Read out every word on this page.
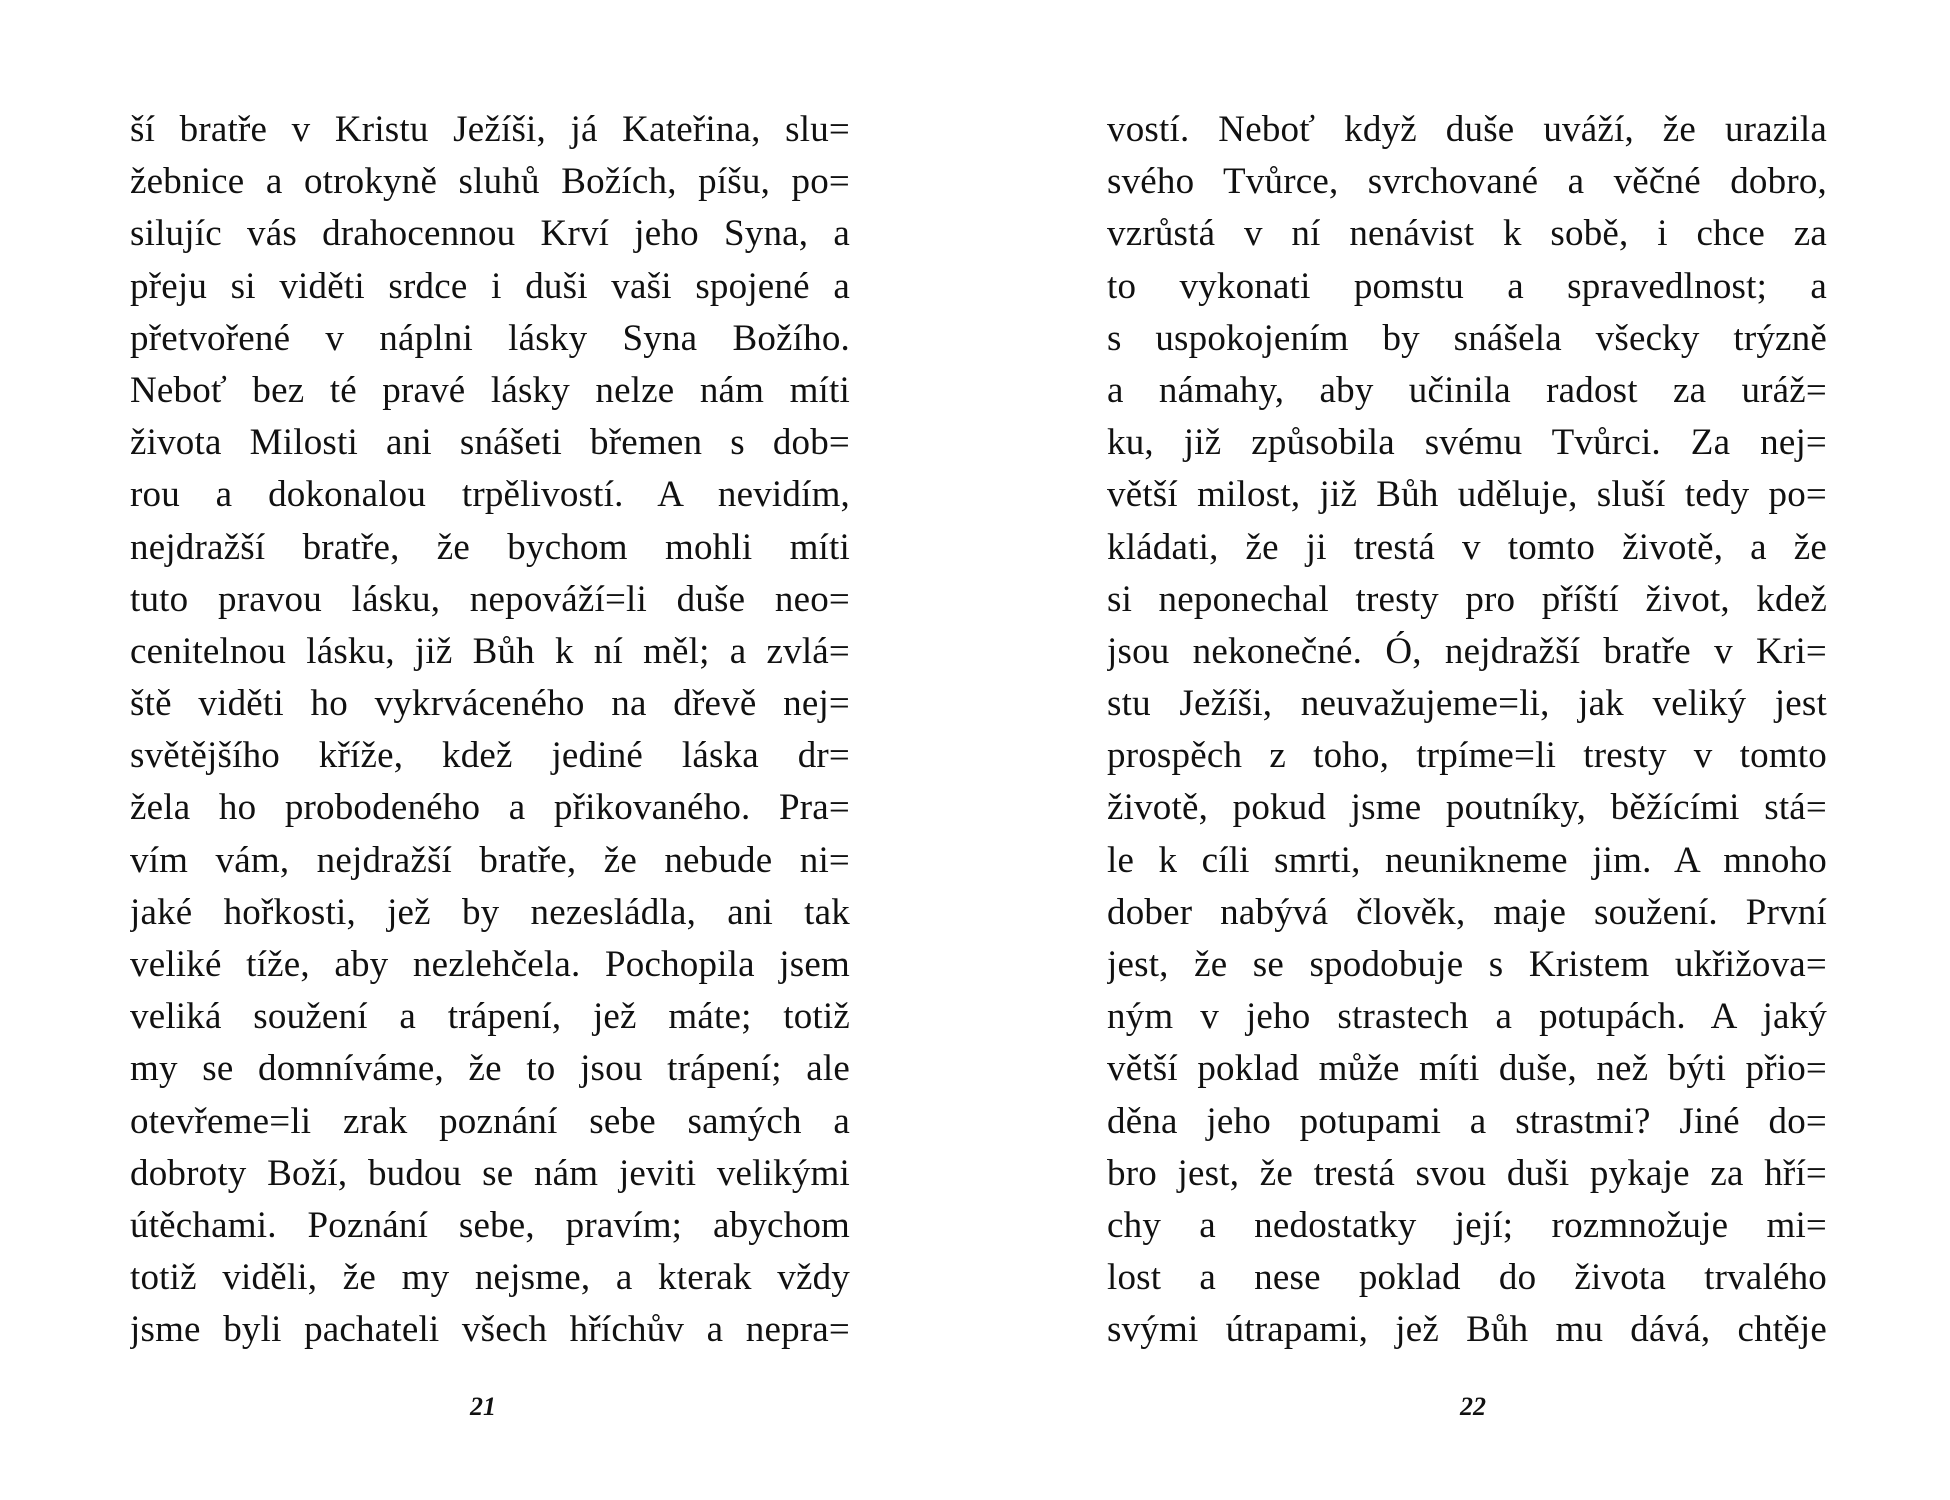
ší bratře v Kristu Ježíši, já Kateřina, slu=
žebnice a otrokyně sluhů Božích, píšu, po=
silujíc vás drahocennou Krví jeho Syna, a
přeju si viděti srdce i duši vaši spojené a
přetvořené v náplni lásky Syna Božího.
Neboť bez té pravé lásky nelze nám míti
života Milosti ani snášeti břemen s dob=
rou a dokonalou trpělivostí. A nevidím,
nejdražší bratře, že bychom mohli míti
tuto pravou lásku, nepováží=li duše neo=
cenitelnou lásku, již Bůh k ní měl; a zvlá=
ště viděti ho vykrváceného na dřevě nej=
světějšího kříže, kdež jediné láska dr=
žela ho probodeného a přikovaného. Pra=
vím vám, nejdražší bratře, že nebude ni=
jaké hořkosti, jež by nezesládla, ani tak
veliké tíže, aby nezlehčela. Pochopila jsem
veliká soužení a trápení, jež máte; totiž
my se domníváme, že to jsou trápení; ale
otevřeme=li zrak poznání sebe samých a
dobroty Boží, budou se nám jeviti velikými
útěchami. Poznání sebe, pravím; abychom
totiž viděli, že my nejsme, a kterak vždy
jsme byli pachateli všech hříchův a nepra=
21
vostí. Neboť když duše uváží, že urazila
svého Tvůrce, svrchované a věčné dobro,
vzrůstá v ní nenávist k sobě, i chce za
to vykonati pomstu a spravedlnost; a
s uspokojením by snášela všecky trýzně
a námahy, aby učinila radost za uráž=
ku, již způsobila svému Tvůrci. Za nej=
větší milost, již Bůh uděluje, sluší tedy po=
kládati, že ji trestá v tomto životě, a že
si neponechal tresty pro příští život, kdež
jsou nekonečné. Ó, nejdražší bratře v Kri=
stu Ježíši, neuvažujeme=li, jak veliký jest
prospěch z toho, trpíme=li tresty v tomto
životě, pokud jsme poutníky, běžícími stá=
le k cíli smrti, neunikneme jim. A mnoho
dober nabývá člověk, maje soužení. První
jest, že se spodobuje s Kristem ukřižova=
ným v jeho strastech a potupách. A jaký
větší poklad může míti duše, než býti přio=
děna jeho potupami a strastmi? Jiné do=
bro jest, že trestá svou duši pykaje za hří=
chy a nedostatky její; rozmnožuje mi=
lost a nese poklad do života trvalého
svými útrapami, jež Bůh mu dává, chtěje
22
